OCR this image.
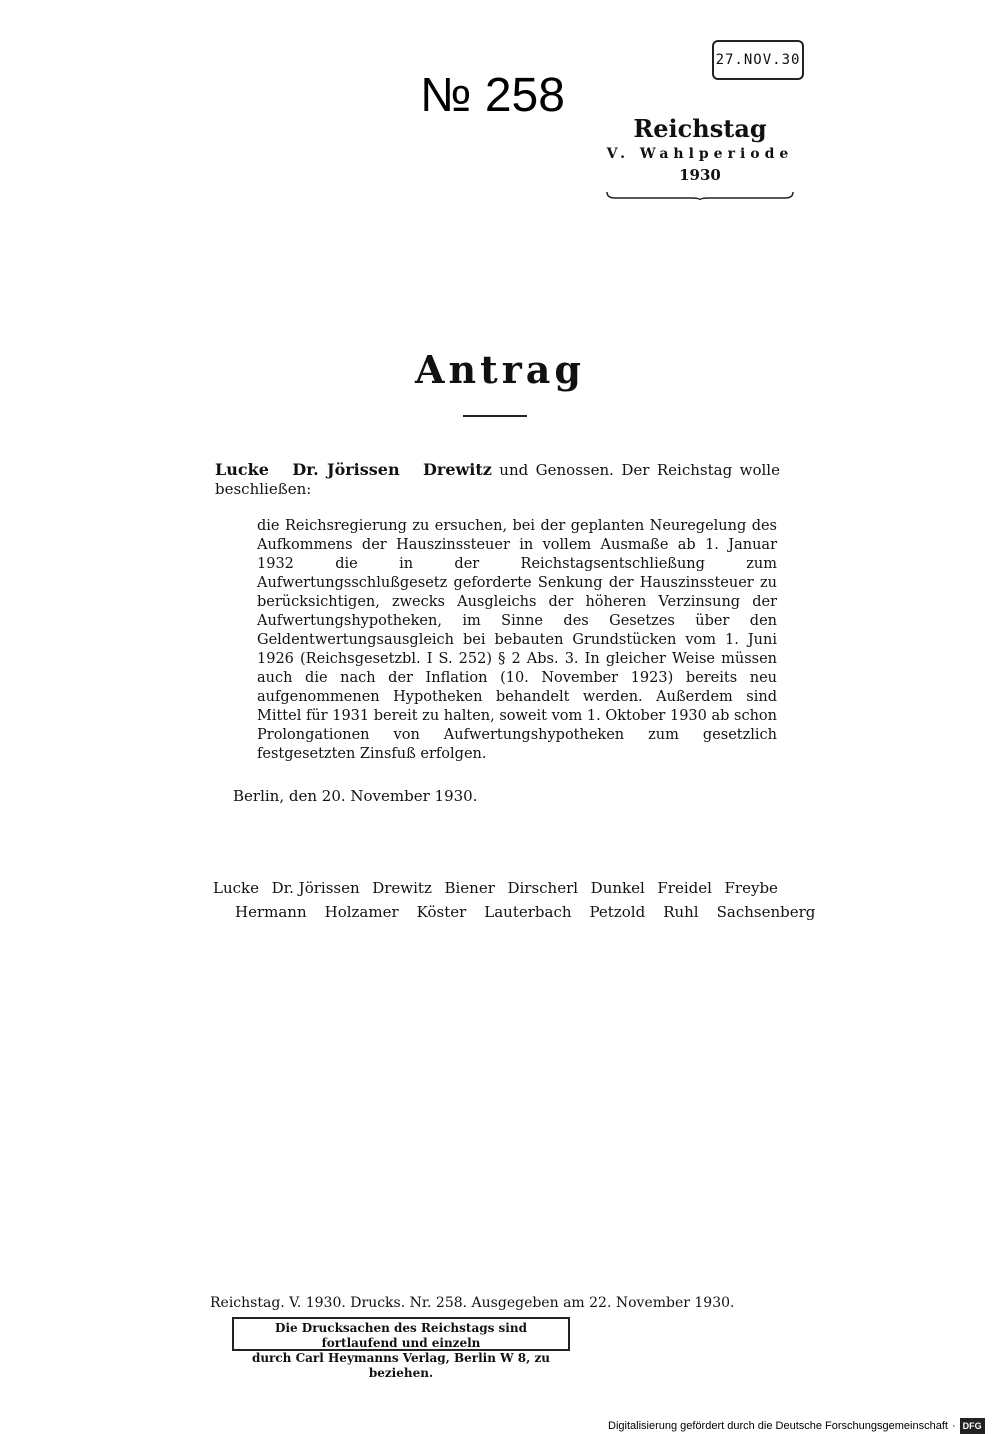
27.NOV.30
№ 258
Reichstag
V. Wahlperiode
1930
Antrag
Lucke Dr. Jörissen Drewitz und Genossen. Der Reichstag wolle beschließen:
die Reichsregierung zu ersuchen, bei der geplanten Neuregelung des Aufkommens der Hauszinssteuer in vollem Ausmaße ab 1. Januar 1932 die in der Reichstagsentschließung zum Aufwertungsschlußgesetz geforderte Senkung der Hauszinssteuer zu berücksichtigen, zwecks Ausgleichs der höheren Verzinsung der Aufwertungshypotheken, im Sinne des Gesetzes über den Geldentwertungsausgleich bei bebauten Grundstücken vom 1. Juni 1926 (Reichsgesetzbl. I S. 252) § 2 Abs. 3. In gleicher Weise müssen auch die nach der Inflation (10. November 1923) bereits neu aufgenommenen Hypotheken behandelt werden. Außerdem sind Mittel für 1931 bereit zu halten, soweit vom 1. Oktober 1930 ab schon Prolongationen von Aufwertungshypotheken zum gesetzlich festgesetzten Zinsfuß erfolgen.
Berlin, den 20. November 1930.
Lucke Dr. Jörissen Drewitz Biener Dirscherl Dunkel Freidel Freybe
Hermann Holzamer Köster Lauterbach Petzold Ruhl Sachsenberg
Reichstag. V. 1930. Drucks. Nr. 258. Ausgegeben am 22. November 1930.
Die Drucksachen des Reichstags sind fortlaufend und einzeln
durch Carl Heymanns Verlag, Berlin W 8, zu beziehen.
Digitalisierung gefördert durch die Deutsche Forschungsgemeinschaft · DFG
